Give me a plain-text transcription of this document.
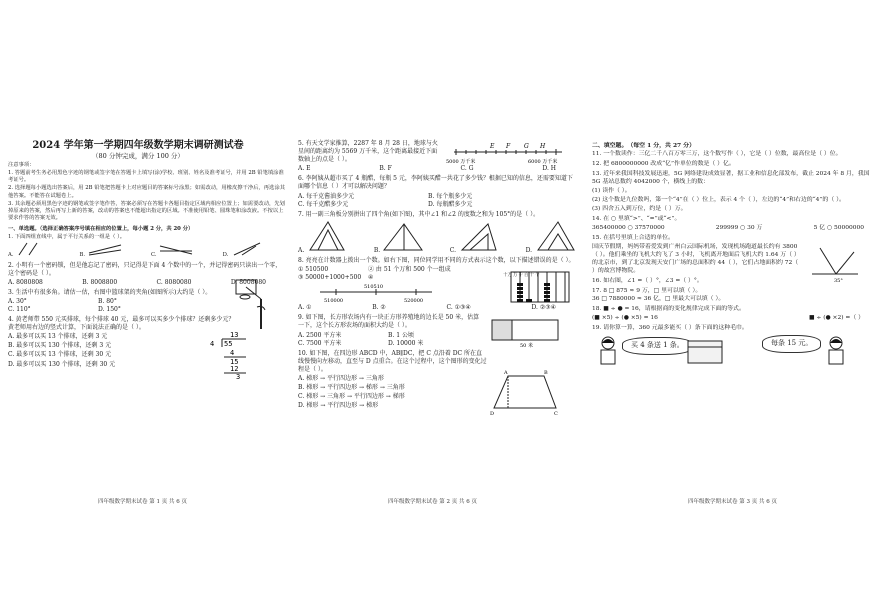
2024 学年第一学期四年级数学期末调研测试卷
（80 分钟完成，满分 100 分）

注意事项：

1. 答题前考生务必用黑色字迹的钢笔或签字笔在答题卡上填写(涂)学校、班别、姓名及准考证号，并用 2B 铅笔填涂准考证号。

2. 选择题每小题选出答案后，用 2B 铅笔把答题卡上对应题目的答案标号涂黑；如需改动，用橡皮擦干净后，再选涂其他答案。不能答在试题卷上。

3. 其余题必须用黑色字迹的钢笔或签字笔作答，答案必须写在答题卡各题目指定区域内相应位置上；如需要改动，先划掉原来的答案，然后再写上新的答案，改动的答案也不能超出指定的区域。不准使用铅笔、圆珠笔和涂改液。不按以上要求作答的答案无效。

一、单选题。（选择正确答案序号填在相应的位置上，每小题 2 分，共 20 分）

1. 下面四组直线中，属于平行关系的一组是（ ）。

A.	B.	C.	D.

2. 小明有一个密码锁，但是他忘记了密码，只记得是下面 4 个数中的一个，并记得密码只读出一个零，这个密码是（ ）。

A. 8080808	B. 8008800	C. 8080080	D. 8008080

3. 生活中有很多角。请估一估，右图中篮球架的夹角(如图所示)大约是（ ）。

A. 30°	B. 80°
C. 110°	D. 150°

4. 黄老师带 550 元买排球，每个排球 40 元，最多可以买多少个排球？还剩多少元？ 黄老师用右边的竖式计算，下面说法正确的是（ ）。

A. 最多可以买 13 个排球，还剩 3 元

B. 最多可以买 130 个排球，还剩 3 元

C. 最多可以买 13 个排球，还剩 30 元

D. 最多可以买 130 个排球，还剩 30 元

13
4 55
4
15
12
3
四年级数学期末试卷 第 1 页 共 6 页

5. 有天文学家推算，2287 年 8 月 28 日，地球与火星间的距离约为 5569 万千米，这个距离最接近下面数轴上的点是（ ）。

A. E	B. F	C. G	D. H
E F G H
5000 万千米	6000 万千米

6. 李阿姨从超市买了 4 瓶醋，每瓶 5 元，李阿姨买醋一共花了多少钱？根据已知的信息，还需要知道下面哪个信息（ ）才可以解决问题？

A. 每千克酱油多少元	B. 每个瓶多少元
C. 每千克醋多少元	D. 每瓶醋多少元

7. 用一副三角板分别拼出了四个角(如下图)，其中∠1 和∠2 的度数之和为 105°的是（ ）。

A.	B.	C.	D.

8. 亮亮在计数器上拨出一个数。如右下图，同位同学用不同的方式表示这个数，以下描述错误的是（ ）。

① 510500	② 由 51 个万和 500 个一组成
③ 50000+1000+500	④
510000
510510
520000
A. ①	B. ②	C. ①③④	D. ②③④
十万 万 千 百 十 个

9. 如下图，长方形农场内有一块正方形养殖地的边长是 50 米，估算一下，这个长方形农场的面积大约是（ ）。

A. 2500 平方米	B. 1 公顷
C. 7500 平方米	D. 10000 米	50 米

10. 如下图，在四边形 ABCD 中，AB∥DC，把 C 点沿着 DC 所在直线慢慢向左移动，直至与 D 点重合。在这个过程中，这个图形的变化过程是（ ）。

A. 梯形 → 平行四边形 → 三角形

B. 梯形 → 平行四边形 → 梯形 → 三角形

C. 梯形 → 三角形 → 平行四边形 → 梯形

D. 梯形 → 平行四边形 → 梯形

A	B
D	C
四年级数学期末试卷 第 2 页 共 6 页

二、填空题。（每空 1 分，共 27 分）

11. 一个数读作：三亿二千八百万零三万，这个数写作（ ），它是（ ）位数，最高位是（ ）位。

12. 把 6800000000 改成“亿”作单位的数是（ ）亿。

13. 近年来我国科技发展迅速，5G 网络建设成效显著，据工业和信息化部发布，截止 2024 年 8 月，我国 5G 基站总数约 4042000 个，横线上的数：

(1) 读作（ ）。

(2) 这个数是九位数吗，第一个“4”在（ ）位上，表示 4 个（ ），左边的“4”和右边的“4”的（ ）。

(3) 四舍五入到万位，约是（ ）万。

14. 在 ○ 里填“>”、“=”或“<”。

365400000 ○ 37570000	299999 ○ 30 万	5 亿 ○ 50000000

15. 在括号里填上合适的单位。

国庆节假期，妈妈带着爱发到广州白云国际机场，发现机场跑道最长约有 3800（ ）。他们乘坐的飞机大约飞了 3 小时，飞机离开地面后飞机大约 1.64 万（ ）的北京市，到了北京发现天安门广场的总面积约 44（ ），它们占地面积约 72（ ）的故宫博物院。

16. 如右图，∠1 =（ ）°，∠3 =（ ）°。	35°

17. 8 □ 875 ≈ 9 万，□ 里可以填（ ）。

36 □ 7880000 ≈ 36 亿，□ 里最大可以填（ ）。

18. ■ ÷ ● = 16，请根据商的变化规律完成下面的等式。

(■ ×5) ÷ (● ×5) = 16	■ ÷ (● ×2) =（ ）

19. 请你算一算，360 元最多能买（ ）条下面的这种毛巾。

买 4 条送 1 条。	每条 15 元。
四年级数学期末试卷 第 3 页 共 6 页
